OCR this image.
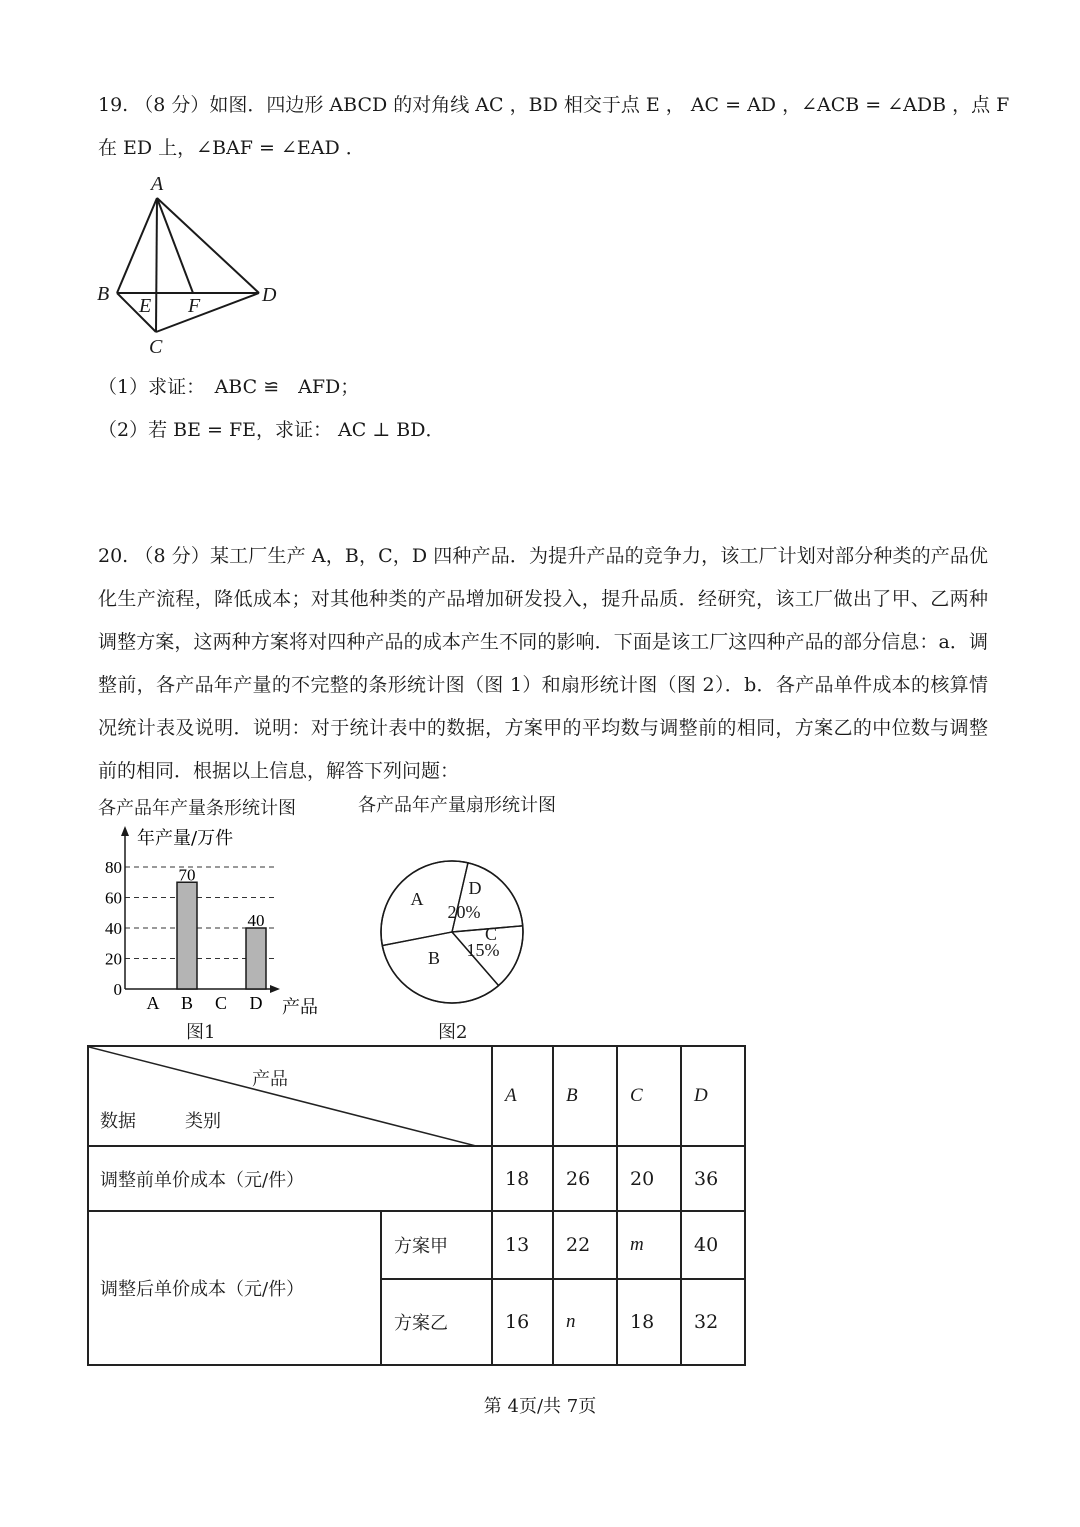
19. （8 分）如图．四边形 ABCD 的对角线 AC ，BD 相交于点 E ， AC = AD ，∠ACB = ∠ADB ，点 F
在 ED 上，∠BAF = ∠EAD ．
A
B
C
D
E F
（1）求证：　ABC ≌　AFD；
（2）若 BE = FE，求证： AC ⊥ BD．
20. （8 分）某工厂生产 A，B，C，D 四种产品．为提升产品的竞争力，该工厂计划对部分种类的产品优化生产流程，降低成本；对其他种类的产品增加研发投入，提升品质．经研究，该工厂做出了甲、乙两种调整方案，这两种方案将对四种产品的成本产生不同的影响．下面是该工厂这四种产品的部分信息：a．调整前，各产品年产量的不完整的条形统计图（图 1）和扇形统计图（图 2）．b．各产品单件成本的核算情况统计表及说明．说明：对于统计表中的数据，方案甲的平均数与调整前的相同，方案乙的中位数与调整前的相同．根据以上信息，解答下列问题：
各产品年产量条形统计图	各产品年产量扇形统计图
年产量/万件
产品
0
20
40
60
80	70
40
A B C D
图1
A
D
20%
C
15%
B
图2
产品
数据 类别		A	B	C	D
调整前单价成本（元/件）		18	26	20	36
调整后单价成本（元/件）	方案甲	13	22	m	40
	方案乙	16	n	18	32
第 4页/共 7页
